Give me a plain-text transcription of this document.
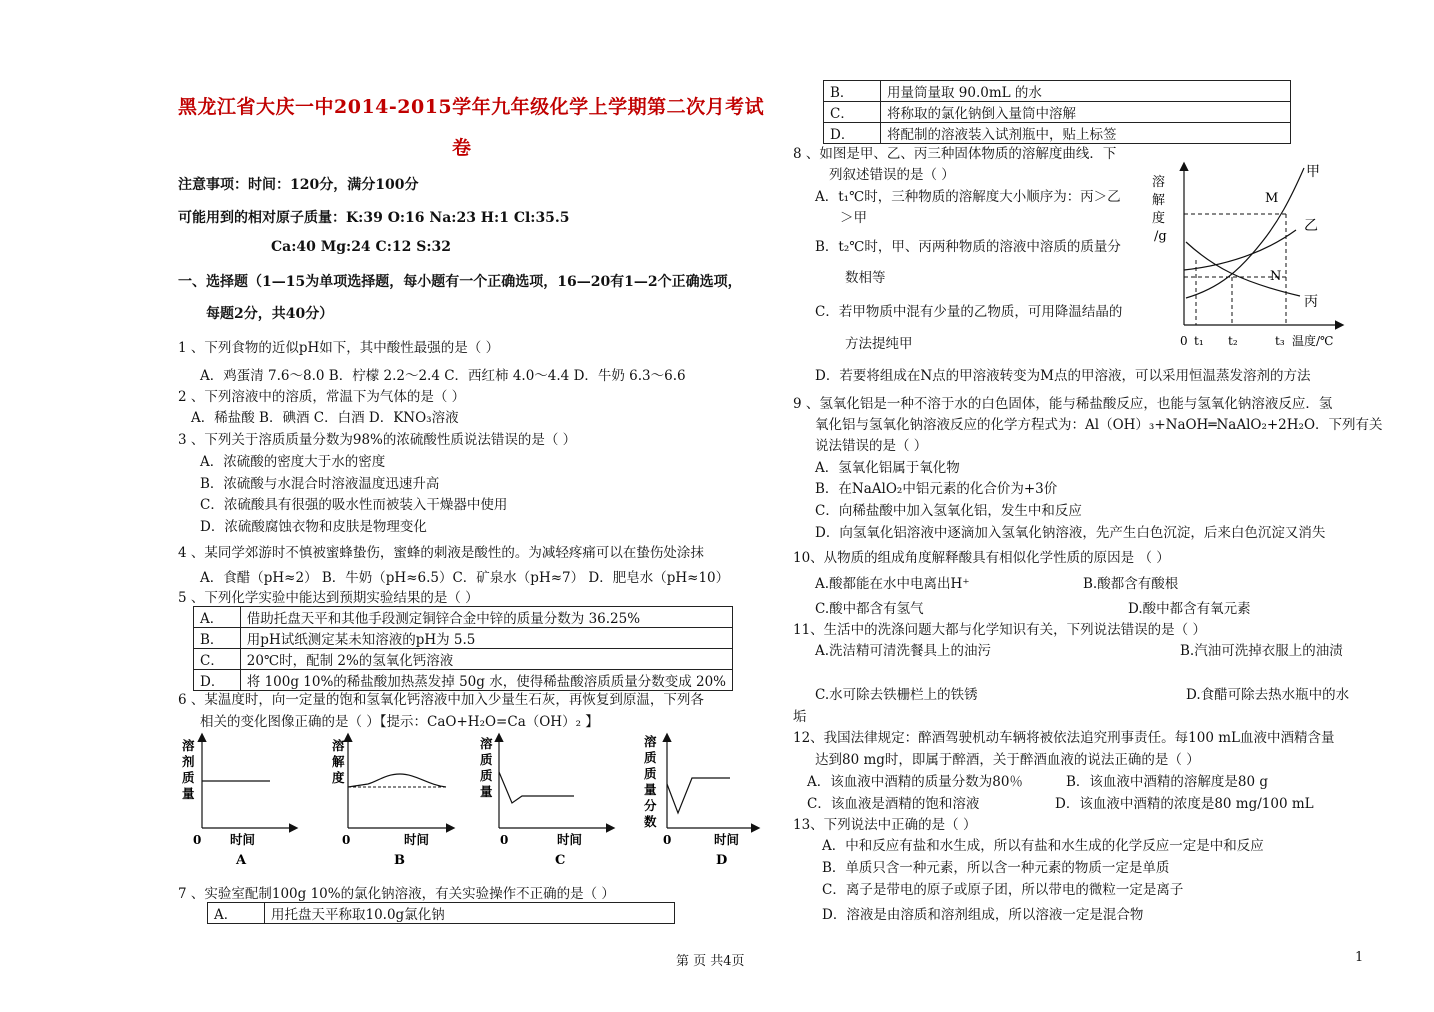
黑龙江省大庆一中2014-2015学年九年级化学上学期第二次月考试
卷
注意事项：时间：120分，满分100分
可能用到的相对原子质量：K:39 O:16 Na:23 H:1 Cl:35.5
Ca:40 Mg:24 C:12 S:32
一、选择题（1—15为单项选择题，每小题有一个正确选项，16—20有1—2个正确选项，
每题2分，共40分）
1 、下列食物的近似pH如下，其中酸性最强的是（ ）
A．鸡蛋清 7.6～8.0 B．柠檬 2.2～2.4 C．西红柿 4.0～4.4 D．牛奶 6.3～6.6
2 、下列溶液中的溶质，常温下为气体的是（ ）
A．稀盐酸 B．碘酒 C．白酒 D．KNO₃溶液
3 、下列关于溶质质量分数为98%的浓硫酸性质说法错误的是（ ）
A．浓硫酸的密度大于水的密度
B．浓硫酸与水混合时溶液温度迅速升高
C．浓硫酸具有很强的吸水性而被装入干燥器中使用
D．浓硫酸腐蚀衣物和皮肤是物理变化
4 、某同学郊游时不慎被蜜蜂蛰伤，蜜蜂的刺液是酸性的。为减轻疼痛可以在蛰伤处涂抹
A．食醋（pH≈2） B．牛奶（pH≈6.5）C．矿泉水（pH≈7） D．肥皂水（pH≈10）
5 、下列化学实验中能达到预期实验结果的是（ ）
A．	借助托盘天平和其他手段测定铜锌合金中锌的质量分数为 36.25%
B．	用pH试纸测定某未知溶液的pH为 5.5
C．	20℃时，配制 2%的氢氧化钙溶液
D．	将 100g 10%的稀盐酸加热蒸发掉 50g 水，使得稀盐酸溶质质量分数变成 20%
6 、某温度时，向一定量的饱和氢氧化钙溶液中加入少量生石灰，再恢复到原温，下列各
相关的变化图像正确的是（ ）【提示：CaO+H₂O=Ca（OH）₂ 】
溶
剂
质
量
0 时间
A
溶
解
度
0	时间
B
溶
质
质
量
0	时间
C
溶
质
质
量
分
数
0	时间
D
7 、实验室配制100g 10%的氯化钠溶液，有关实验操作不正确的是（ ）
A．	用托盘天平称取10.0g氯化钠
B．	用量筒量取 90.0mL 的水
C．	将称取的氯化钠倒入量筒中溶解
D．	将配制的溶液装入试剂瓶中，贴上标签
8 、如图是甲、乙、丙三种固体物质的溶解度曲线．下
列叙述错误的是（ ）
A．t₁℃时，三种物质的溶解度大小顺序为：丙＞乙
＞甲
B．t₂℃时，甲、丙两种物质的溶液中溶质的质量分
数相等
C．若甲物质中混有少量的乙物质，可用降温结晶的
方法提纯甲
D．若要将组成在N点的甲溶液转变为M点的甲溶液，可以采用恒温蒸发溶剂的方法
溶
解
度
/g
甲
乙
丙
M
N
0 t₁ t₂	t₃ 温度/℃
9 、氢氧化铝是一种不溶于水的白色固体，能与稀盐酸反应，也能与氢氧化钠溶液反应．氢
氧化铝与氢氧化钠溶液反应的化学方程式为：Al（OH）₃+NaOH═NaAlO₂+2H₂O．下列有关
说法错误的是（ ）
A．氢氧化铝属于氧化物
B．在NaAlO₂中铝元素的化合价为+3价
C．向稀盐酸中加入氢氧化铝，发生中和反应
D．向氢氧化铝溶液中逐滴加入氢氧化钠溶液，先产生白色沉淀，后来白色沉淀又消失
10、从物质的组成角度解释酸具有相似化学性质的原因是 （ ）
A.酸都能在水中电离出H⁺	B.酸都含有酸根
C.酸中都含有氢气	D.酸中都含有氧元素
11、生活中的洗涤问题大都与化学知识有关，下列说法错误的是（ ）
A.洗洁精可清洗餐具上的油污	B.汽油可洗掉衣服上的油渍
C.水可除去铁栅栏上的铁锈	D.食醋可除去热水瓶中的水
垢
12、我国法律规定：醉酒驾驶机动车辆将被依法追究刑事责任。每100 mL血液中酒精含量
达到80 mg时，即属于醉酒，关于醉酒血液的说法正确的是（ ）
A．该血液中酒精的质量分数为80％	B．该血液中酒精的溶解度是80 g
C．该血液是酒精的饱和溶液	D．该血液中酒精的浓度是80 mg/100 mL
13、下列说法中正确的是（ ）
A．中和反应有盐和水生成，所以有盐和水生成的化学反应一定是中和反应
B．单质只含一种元素，所以含一种元素的物质一定是单质
C．离子是带电的原子或原子团，所以带电的微粒一定是离子
D．溶液是由溶质和溶剂组成，所以溶液一定是混合物
第 页 共4页	1
